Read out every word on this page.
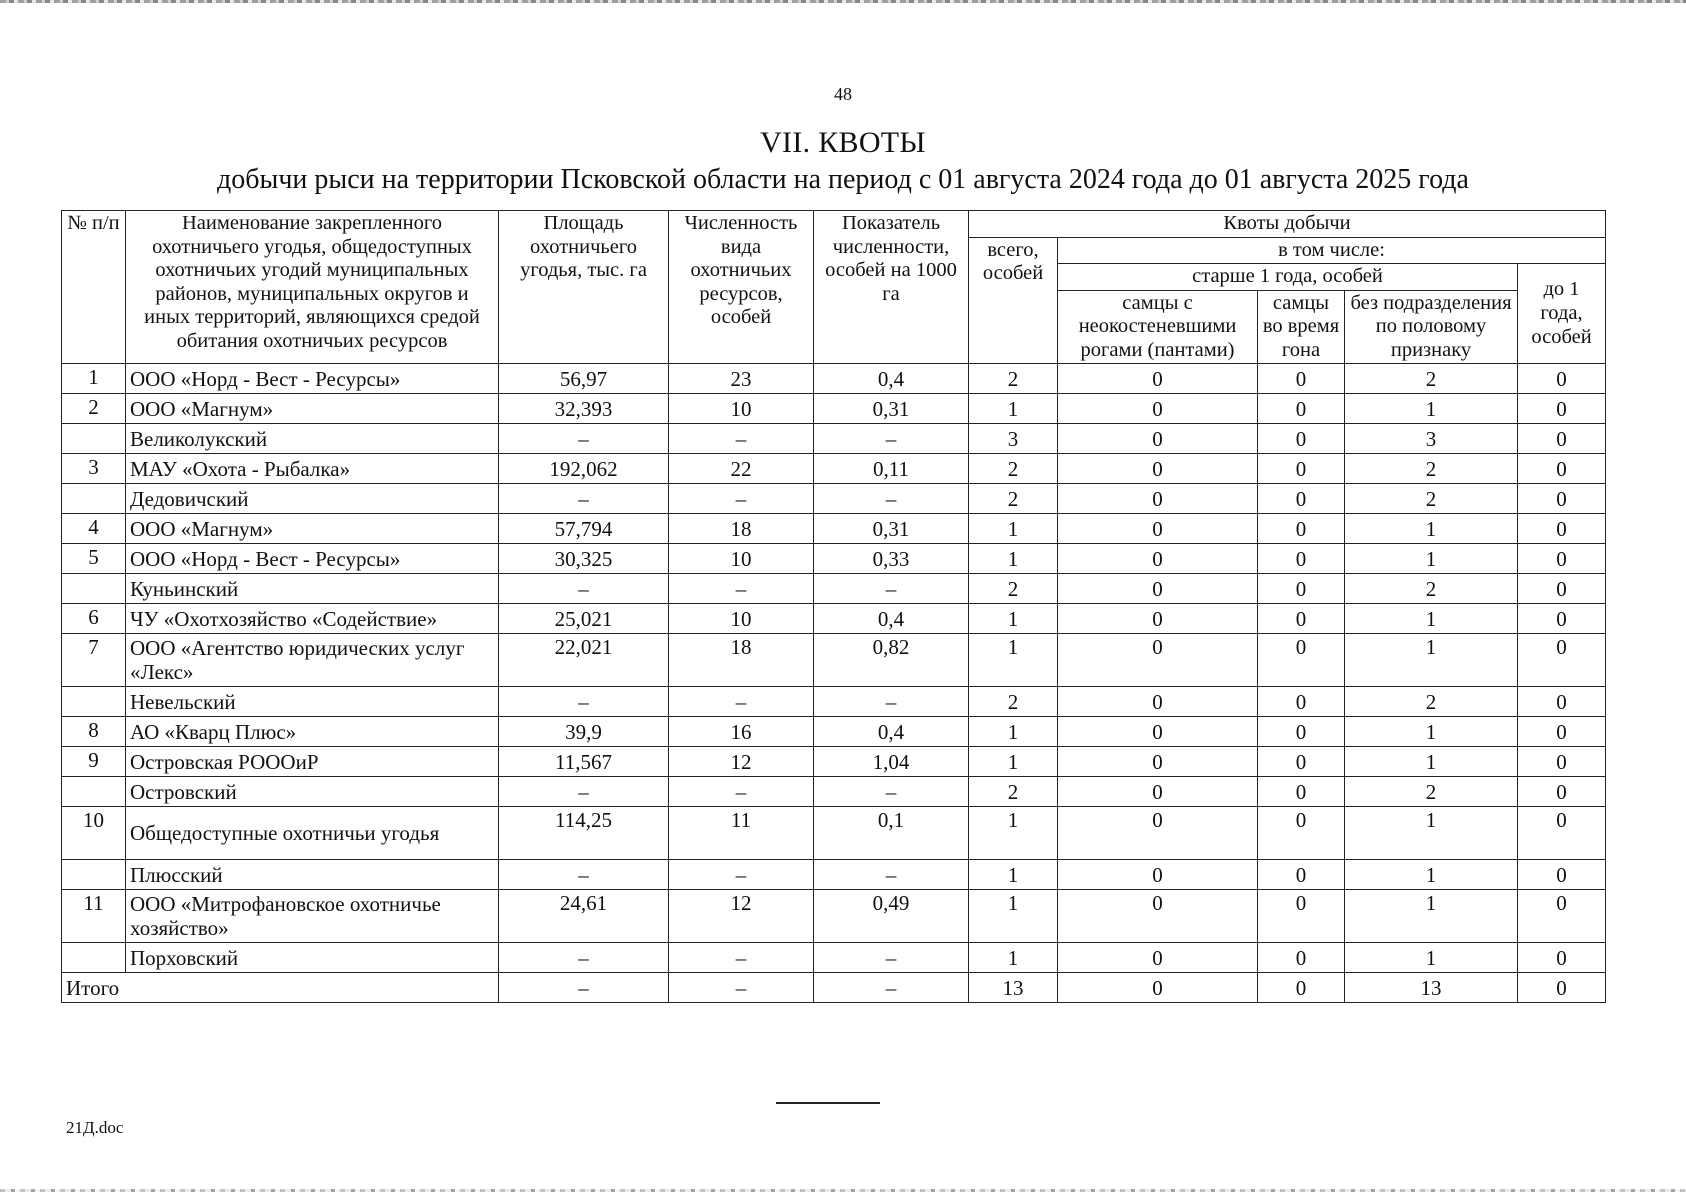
48
VII. КВОТЫ
добычи рыси на территории Псковской области на период с 01 августа 2024 года до 01 августа 2025 года
№ п/п	Наименование закрепленного охотничьего угодья, общедоступных охотничьих угодий муниципальных районов, муниципальных округов и иных территорий, являющихся средой обитания охотничьих ресурсов	Площадь охотничьего угодья, тыс. га	Численность вида охотничьих ресурсов, особей	Показатель численности, особей на 1000 га	Квоты добычи				
					всего, особей	в том числе:			
						старше 1 года, особей			до 1 года, особей
						самцы с неокостеневшими рогами (пантами)	самцы во время гона	без подразделения по половому признаку	
1	ООО «Норд - Вест - Ресурсы»	56,97	23	0,4	2	0	0	2	0
2	ООО «Магнум»	32,393	10	0,31	1	0	0	1	0
	Великолукский	–	–	–	3	0	0	3	0
3	МАУ «Охота - Рыбалка»	192,062	22	0,11	2	0	0	2	0
	Дедовичский	–	–	–	2	0	0	2	0
4	ООО «Магнум»	57,794	18	0,31	1	0	0	1	0
5	ООО «Норд - Вест - Ресурсы»	30,325	10	0,33	1	0	0	1	0
	Куньинский	–	–	–	2	0	0	2	0
6	ЧУ «Охотхозяйство «Содействие»	25,021	10	0,4	1	0	0	1	0
7	ООО «Агентство юридических услуг «Лекс»	22,021	18	0,82	1	0	0	1	0
	Невельский	–	–	–	2	0	0	2	0
8	АО «Кварц Плюс»	39,9	16	0,4	1	0	0	1	0
9	Островская РОООиР	11,567	12	1,04	1	0	0	1	0
	Островский	–	–	–	2	0	0	2	0
10	Общедоступные охотничьи угодья	114,25	11	0,1	1	0	0	1	0
	Плюсский	–	–	–	1	0	0	1	0
11	ООО «Митрофановское охотничье хозяйство»	24,61	12	0,49	1	0	0	1	0
	Порховский	–	–	–	1	0	0	1	0
Итого		–	–	–	13	0	0	13	0
21Д.doc
